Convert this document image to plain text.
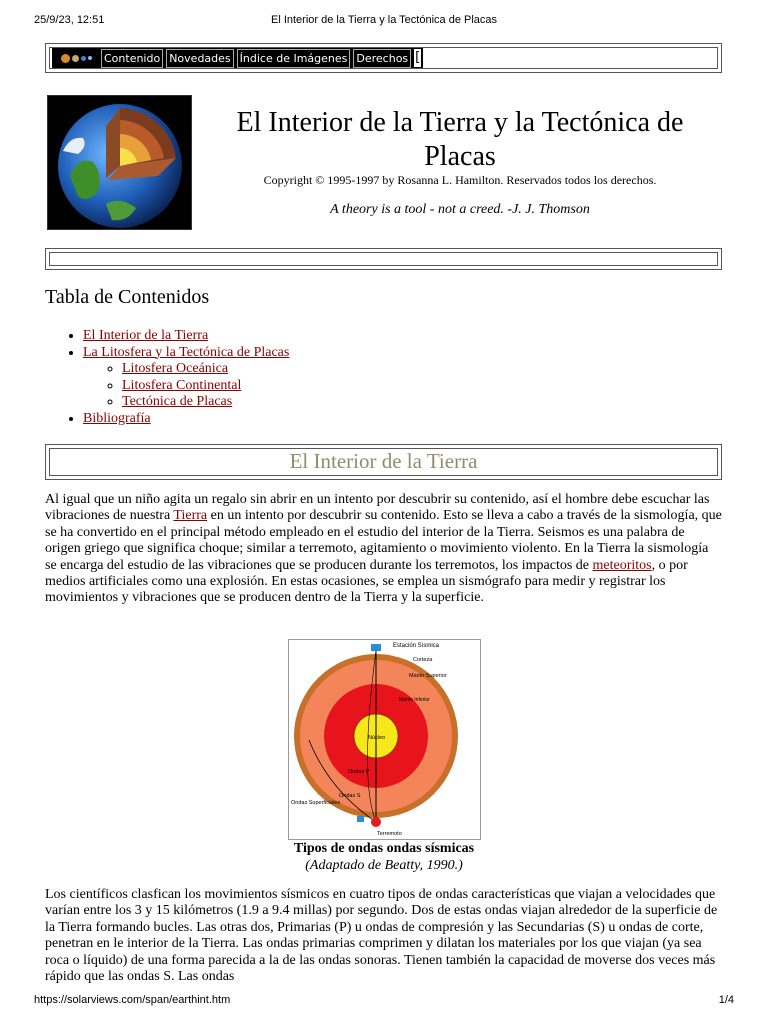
25/9/23, 12:51	El Interior de la Tierra y la Tectónica de Placas
https://solarviews.com/span/earthint.htm	1/4
Contenido Novedades Índice de Imágenes Derechos [
El Interior de la Tierra y la Tectónica de Placas
Copyright © 1995-1997 by Rosanna L. Hamilton. Reservados todos los derechos.
A theory is a tool - not a creed. -J. J. Thomson
Tabla de Contenidos
• El Interior de la Tierra
• La Litosfera y la Tectónica de Placas
◦ Litosfera Oceánica
◦ Litosfera Continental
◦ Tectónica de Placas
• Bibliografía
El Interior de la Tierra
Al igual que un niño agita un regalo sin abrir en un intento por descubrir su contenido, así el hombre debe escuchar las vibraciones de nuestra Tierra en un intento por descubrir su contenido. Esto se lleva a cabo a través de la sismología, que se ha convertido en el principal método empleado en el estudio del interior de la Tierra. Seismos es una palabra de origen griego que significa choque; similar a terremoto, agitamiento o movimiento violento. En la Tierra la sismología se encarga del estudio de las vibraciones que se producen durante los terremotos, los impactos de meteoritos, o por medios artificiales como una explosión. En estas ocasiones, se emplea un sismógrafo para medir y registrar los movimientos y vibraciones que se producen dentro de la Tierra y la superficie.
Estación Sísmica
Corteza
Manto Superior
Manto Inferior
Núcleo
Ondas P
Ondas S
Ondas Superficiales
Terremoto
Tipos de ondas ondas sísmicas
(Adaptado de Beatty, 1990.)
Los científicos clasfican los movimientos sísmicos en cuatro tipos de ondas características que viajan a velocidades que varían entre los 3 y 15 kilómetros (1.9 a 9.4 millas) por segundo. Dos de estas ondas viajan alrededor de la superficie de la Tierra formando bucles. Las otras dos, Primarias (P) u ondas de compresión y las Secundarias (S) u ondas de corte, penetran en le interior de la Tierra. Las ondas primarias comprimen y dilatan los materiales por los que viajan (ya sea roca o líquido) de una forma parecida a la de las ondas sonoras. Tienen también la capacidad de moverse dos veces más rápido que las ondas S. Las ondas
